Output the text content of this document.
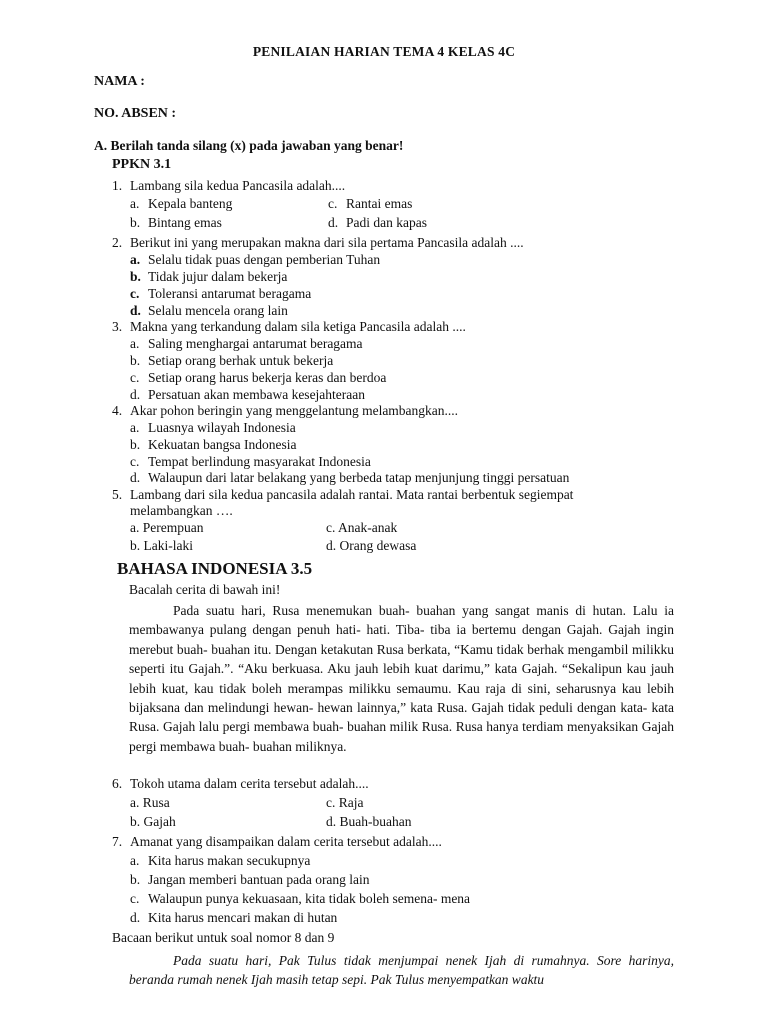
PENILAIAN HARIAN TEMA 4 KELAS 4C
NAMA :
NO. ABSEN :
A. Berilah tanda silang (x) pada jawaban yang benar!
PPKN 3.1
1. Lambang sila kedua Pancasila adalah....
a. Kepala banteng	c. Rantai emas
b. Bintang emas	d. Padi dan kapas
2. Berikut ini yang merupakan makna dari sila pertama Pancasila adalah ....
a. Selalu tidak puas dengan pemberian Tuhan
b. Tidak jujur dalam bekerja
c. Toleransi antarumat beragama
d. Selalu mencela orang lain
3. Makna yang terkandung dalam sila ketiga Pancasila adalah ....
a. Saling menghargai antarumat beragama
b. Setiap orang berhak untuk bekerja
c. Setiap orang harus bekerja keras dan berdoa
d. Persatuan akan membawa kesejahteraan
4. Akar pohon beringin yang menggelantung melambangkan....
a. Luasnya wilayah Indonesia
b. Kekuatan bangsa Indonesia
c. Tempat berlindung masyarakat Indonesia
d. Walaupun dari latar belakang yang berbeda tatap menjunjung tinggi persatuan
5. Lambang dari sila kedua pancasila adalah rantai. Mata rantai berbentuk segiempat
melambangkan ….
a. Perempuan	c. Anak-anak
b. Laki-laki	d. Orang dewasa
BAHASA INDONESIA 3.5
Bacalah cerita di bawah ini!
Pada suatu hari, Rusa menemukan buah- buahan yang sangat manis di hutan. Lalu ia membawanya pulang dengan penuh hati- hati. Tiba- tiba ia bertemu dengan Gajah. Gajah ingin merebut buah- buahan itu. Dengan ketakutan Rusa berkata, “Kamu tidak berhak mengambil milikku seperti itu Gajah.”. “Aku berkuasa. Aku jauh lebih kuat darimu,” kata Gajah. “Sekalipun kau jauh lebih kuat, kau tidak boleh merampas milikku semaumu. Kau raja di sini, seharusnya kau lebih bijaksana dan melindungi hewan- hewan lainnya,” kata Rusa. Gajah tidak peduli dengan kata- kata Rusa. Gajah lalu pergi membawa buah- buahan milik Rusa. Rusa hanya terdiam menyaksikan Gajah pergi membawa buah- buahan miliknya.
6. Tokoh utama dalam cerita tersebut adalah....
a. Rusa	c. Raja
b. Gajah	d. Buah-buahan
7. Amanat yang disampaikan dalam cerita tersebut adalah....
a. Kita harus makan secukupnya
b. Jangan memberi bantuan pada orang lain
c. Walaupun punya kekuasaan, kita tidak boleh semena- mena
d. Kita harus mencari makan di hutan
Bacaan berikut untuk soal nomor 8 dan 9
Pada suatu hari, Pak Tulus tidak menjumpai nenek Ijah di rumahnya. Sore harinya, beranda rumah nenek Ijah masih tetap sepi. Pak Tulus menyempatkan waktu
